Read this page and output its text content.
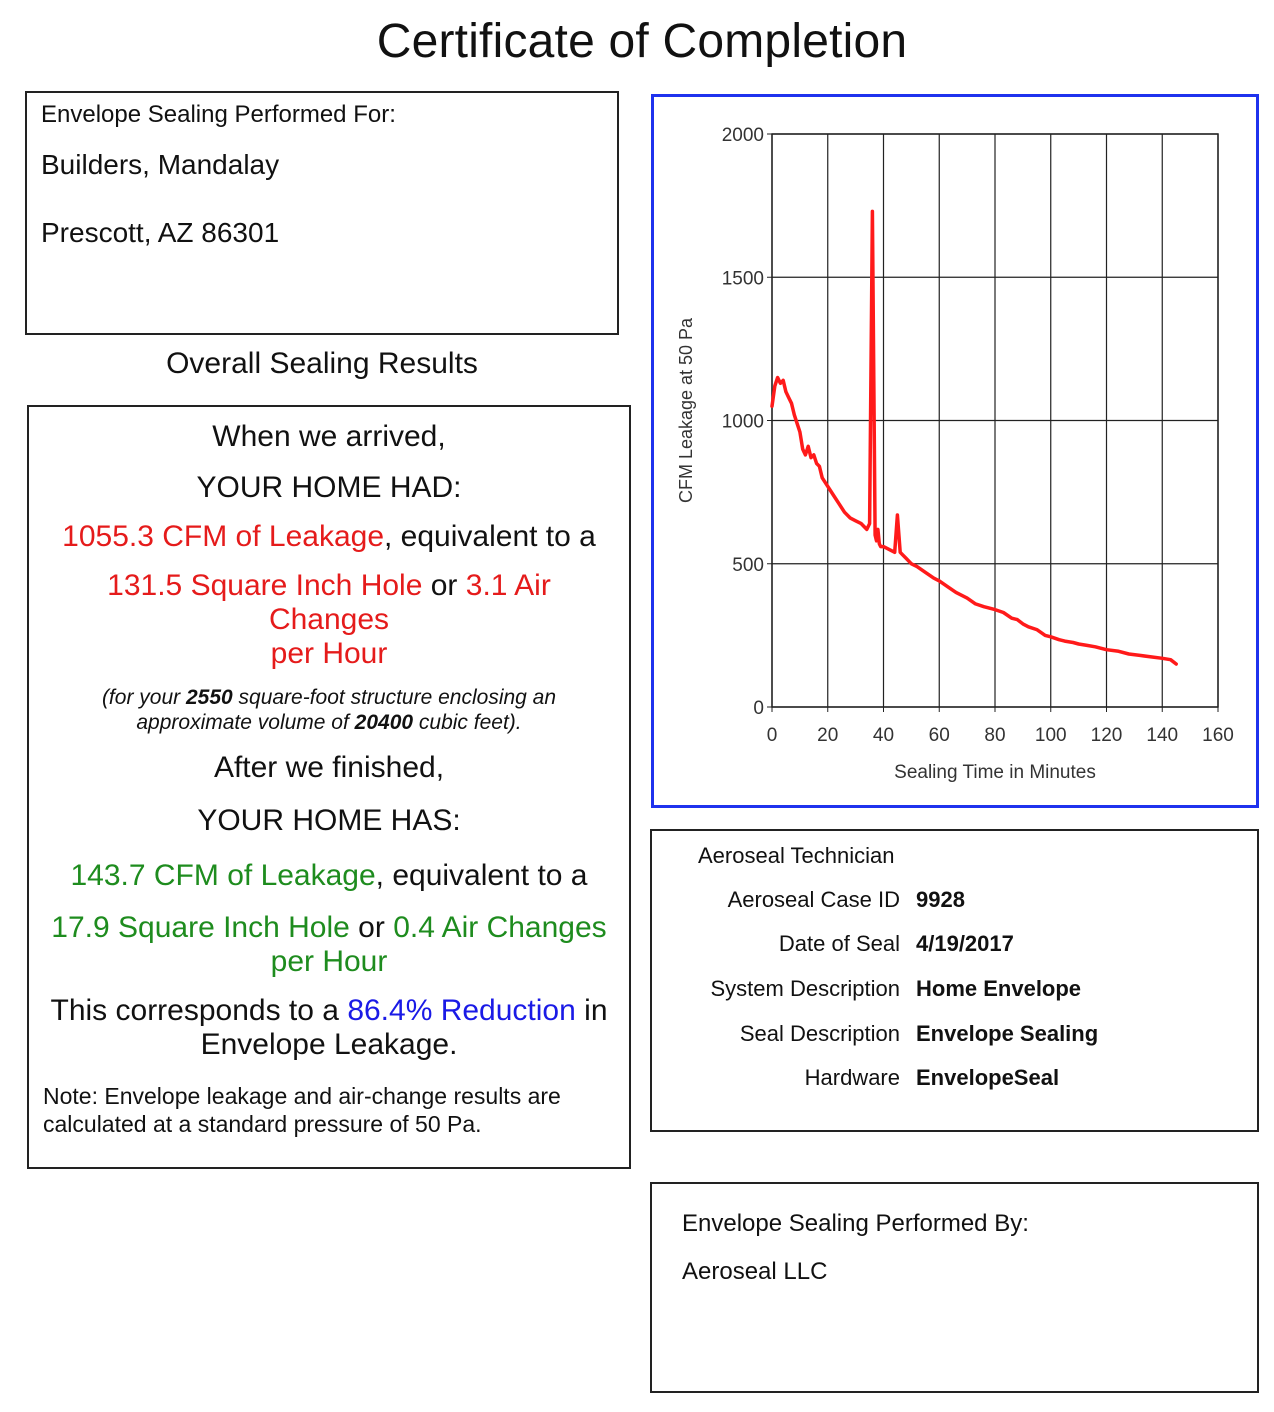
Certificate of Completion
Envelope Sealing Performed For:
Builders, Mandalay
Prescott, AZ 86301
Overall Sealing Results
When we arrived,
YOUR HOME HAD:
1055.3 CFM of Leakage, equivalent to a
131.5 Square Inch Hole or 3.1 Air Changes
per Hour
(for your 2550 square-foot structure enclosing an
approximate volume of 20400 cubic feet).
After we finished,
YOUR HOME HAS:
143.7 CFM of Leakage, equivalent to a
17.9 Square Inch Hole or 0.4 Air Changes
per Hour
This corresponds to a 86.4% Reduction in
Envelope Leakage.
Note: Envelope leakage and air-change results are calculated at a standard pressure of 50 Pa.
0 20 40 60 80 100 120 140 160
0
500
1000
1500
2000
Sealing Time in Minutes
CFM Leakage at 50 Pa
Aeroseal Technician
Aeroseal Case ID 9928
Date of Seal 4/19/2017
System Description Home Envelope
Seal Description Envelope Sealing
Hardware EnvelopeSeal
Envelope Sealing Performed By:
Aeroseal LLC
